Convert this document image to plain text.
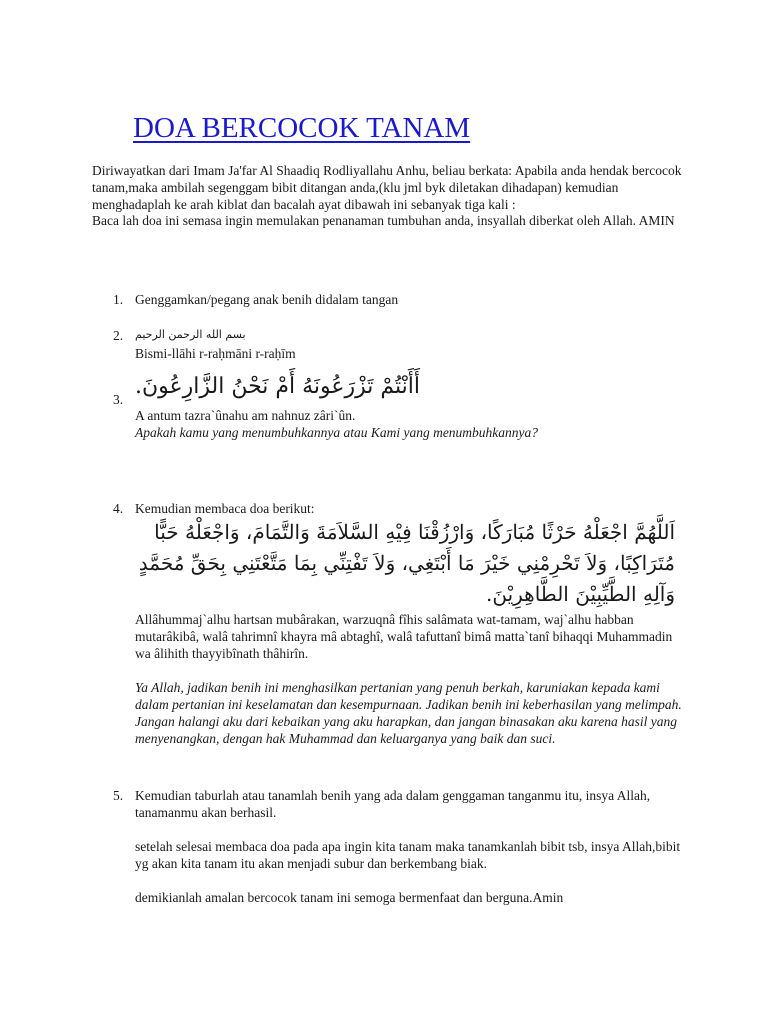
DOA BERCOCOK TANAM

Diriwayatkan dari Imam Ja'far Al Shaadiq Rodliyallahu Anhu, beliau berkata: Apabila anda hendak bercocok tanam,maka ambilah segenggam bibit ditangan anda,(klu jml byk diletakan dihadapan) kemudian menghadaplah ke arah kiblat dan bacalah ayat dibawah ini sebanyak tiga kali :

Baca lah doa ini semasa ingin memulakan penanaman tumbuhan anda, insyallah diberkat oleh Allah. AMIN

1. Genggamkan/pegang anak benih didalam tangan

2. بسم الله الرحمن الرحيم

Bismi-llāhi r-raḥmāni r-raḥīm

3.

أَأَنْتُمْ تَزْرَعُونَهُ أَمْ نَحْنُ الزَّارِعُونَ.

A antum tazra`ûnahu am nahnuz zâri`ûn.

Apakah kamu yang menumbuhkannya atau Kami yang menumbuhkannya?

4. Kemudian membaca doa berikut:

اَللَّهُمَّ اجْعَلْهُ حَرْثًا مُبَارَكًا، وَارْزُقْنَا فِيْهِ السَّلاَمَةَ وَالتَّمَامَ، وَاجْعَلْهُ حَبًّا مُتَرَاكِبًا، وَلاَ تَحْرِمْنِي خَيْرَ مَا أَبْتَغِي، وَلاَ تَفْتِنِّي بِمَا مَتَّعْتَنِي بِحَقِّ مُحَمَّدٍ وَآلِهِ الطَّيِّبِيْنَ الطَّاهِرِيْنَ.

Allâhummaj`alhu hartsan mubârakan, warzuqnâ fîhis salâmata wat-tamam, waj`alhu habban mutarâkibâ, walâ tahrimnî khayra mâ abtaghî, walâ tafuttanî bimâ matta`tanî bihaqqi Muhammadin wa âlihith thayyibînath thâhirîn.

Ya Allah, jadikan benih ini menghasilkan pertanian yang penuh berkah, karuniakan kepada kami dalam pertanian ini keselamatan dan kesempurnaan. Jadikan benih ini keberhasilan yang melimpah. Jangan halangi aku dari kebaikan yang aku harapkan, dan jangan binasakan aku karena hasil yang menyenangkan, dengan hak Muhammad dan keluarganya yang baik dan suci.

5. Kemudian taburlah atau tanamlah benih yang ada dalam genggaman tanganmu itu, insya Allah, tanamanmu akan berhasil.

setelah selesai membaca doa pada apa ingin kita tanam maka tanamkanlah bibit tsb, insya Allah,bibit yg akan kita tanam itu akan menjadi subur dan berkembang biak.

demikianlah amalan bercocok tanam ini semoga bermenfaat dan berguna.Amin
